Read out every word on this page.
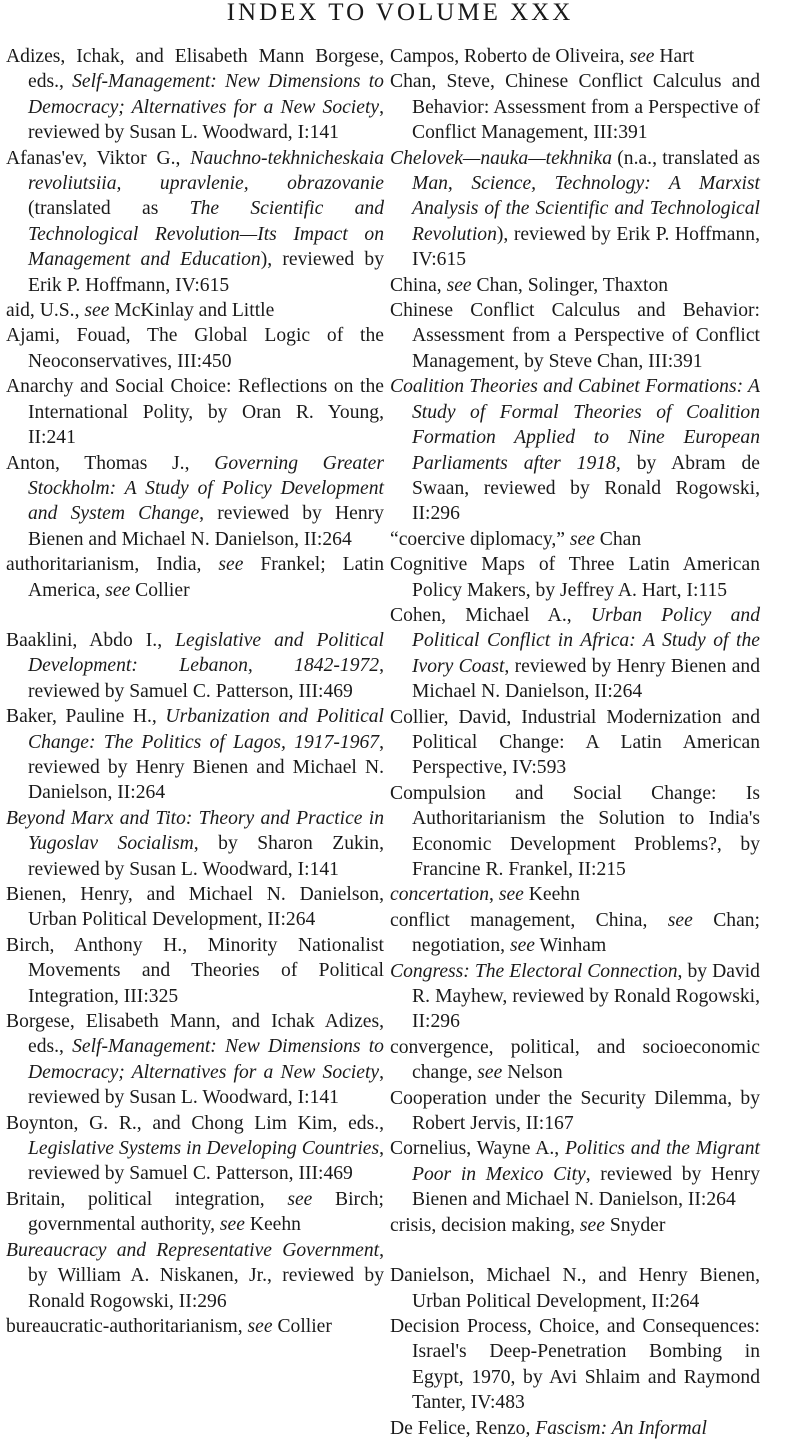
INDEX TO VOLUME XXX

Adizes, Ichak, and Elisabeth Mann Borgese, eds., Self-Management: New Dimensions to Democracy; Alternatives for a New Society, reviewed by Susan L. Woodward, I:141

Afanas'ev, Viktor G., Nauchno-tekhnicheskaia revoliutsiia, upravlenie, obrazovanie (translated as The Scientific and Technological Revolution—Its Impact on Management and Education), reviewed by Erik P. Hoffmann, IV:615

aid, U.S., see McKinlay and Little

Ajami, Fouad, The Global Logic of the Neoconservatives, III:450

Anarchy and Social Choice: Reflections on the International Polity, by Oran R. Young, II:241

Anton, Thomas J., Governing Greater Stockholm: A Study of Policy Development and System Change, reviewed by Henry Bienen and Michael N. Danielson, II:264

authoritarianism, India, see Frankel; Latin America, see Collier

Baaklini, Abdo I., Legislative and Political Development: Lebanon, 1842-1972, reviewed by Samuel C. Patterson, III:469

Baker, Pauline H., Urbanization and Political Change: The Politics of Lagos, 1917-1967, reviewed by Henry Bienen and Michael N. Danielson, II:264

Beyond Marx and Tito: Theory and Practice in Yugoslav Socialism, by Sharon Zukin, reviewed by Susan L. Woodward, I:141

Bienen, Henry, and Michael N. Danielson, Urban Political Development, II:264

Birch, Anthony H., Minority Nationalist Movements and Theories of Political Integration, III:325

Borgese, Elisabeth Mann, and Ichak Adizes, eds., Self-Management: New Dimensions to Democracy; Alternatives for a New Society, reviewed by Susan L. Woodward, I:141

Boynton, G. R., and Chong Lim Kim, eds., Legislative Systems in Developing Countries, reviewed by Samuel C. Patterson, III:469

Britain, political integration, see Birch; governmental authority, see Keehn

Bureaucracy and Representative Government, by William A. Niskanen, Jr., reviewed by Ronald Rogowski, II:296

bureaucratic-authoritarianism, see Collier

Campos, Roberto de Oliveira, see Hart

Chan, Steve, Chinese Conflict Calculus and Behavior: Assessment from a Perspective of Conflict Management, III:391

Chelovek—nauka—tekhnika (n.a., translated as Man, Science, Technology: A Marxist Analysis of the Scientific and Technological Revolution), reviewed by Erik P. Hoffmann, IV:615

China, see Chan, Solinger, Thaxton

Chinese Conflict Calculus and Behavior: Assessment from a Perspective of Conflict Management, by Steve Chan, III:391

Coalition Theories and Cabinet Formations: A Study of Formal Theories of Coalition Formation Applied to Nine European Parliaments after 1918, by Abram de Swaan, reviewed by Ronald Rogowski, II:296

“coercive diplomacy,” see Chan

Cognitive Maps of Three Latin American Policy Makers, by Jeffrey A. Hart, I:115

Cohen, Michael A., Urban Policy and Political Conflict in Africa: A Study of the Ivory Coast, reviewed by Henry Bienen and Michael N. Danielson, II:264

Collier, David, Industrial Modernization and Political Change: A Latin American Perspective, IV:593

Compulsion and Social Change: Is Authoritarianism the Solution to India's Economic Development Problems?, by Francine R. Frankel, II:215

concertation, see Keehn

conflict management, China, see Chan; negotiation, see Winham

Congress: The Electoral Connection, by David R. Mayhew, reviewed by Ronald Rogowski, II:296

convergence, political, and socioeconomic change, see Nelson

Cooperation under the Security Dilemma, by Robert Jervis, II:167

Cornelius, Wayne A., Politics and the Migrant Poor in Mexico City, reviewed by Henry Bienen and Michael N. Danielson, II:264

crisis, decision making, see Snyder

Danielson, Michael N., and Henry Bienen, Urban Political Development, II:264

Decision Process, Choice, and Consequences: Israel's Deep-Penetration Bombing in Egypt, 1970, by Avi Shlaim and Raymond Tanter, IV:483

De Felice, Renzo, Fascism: An Informal
